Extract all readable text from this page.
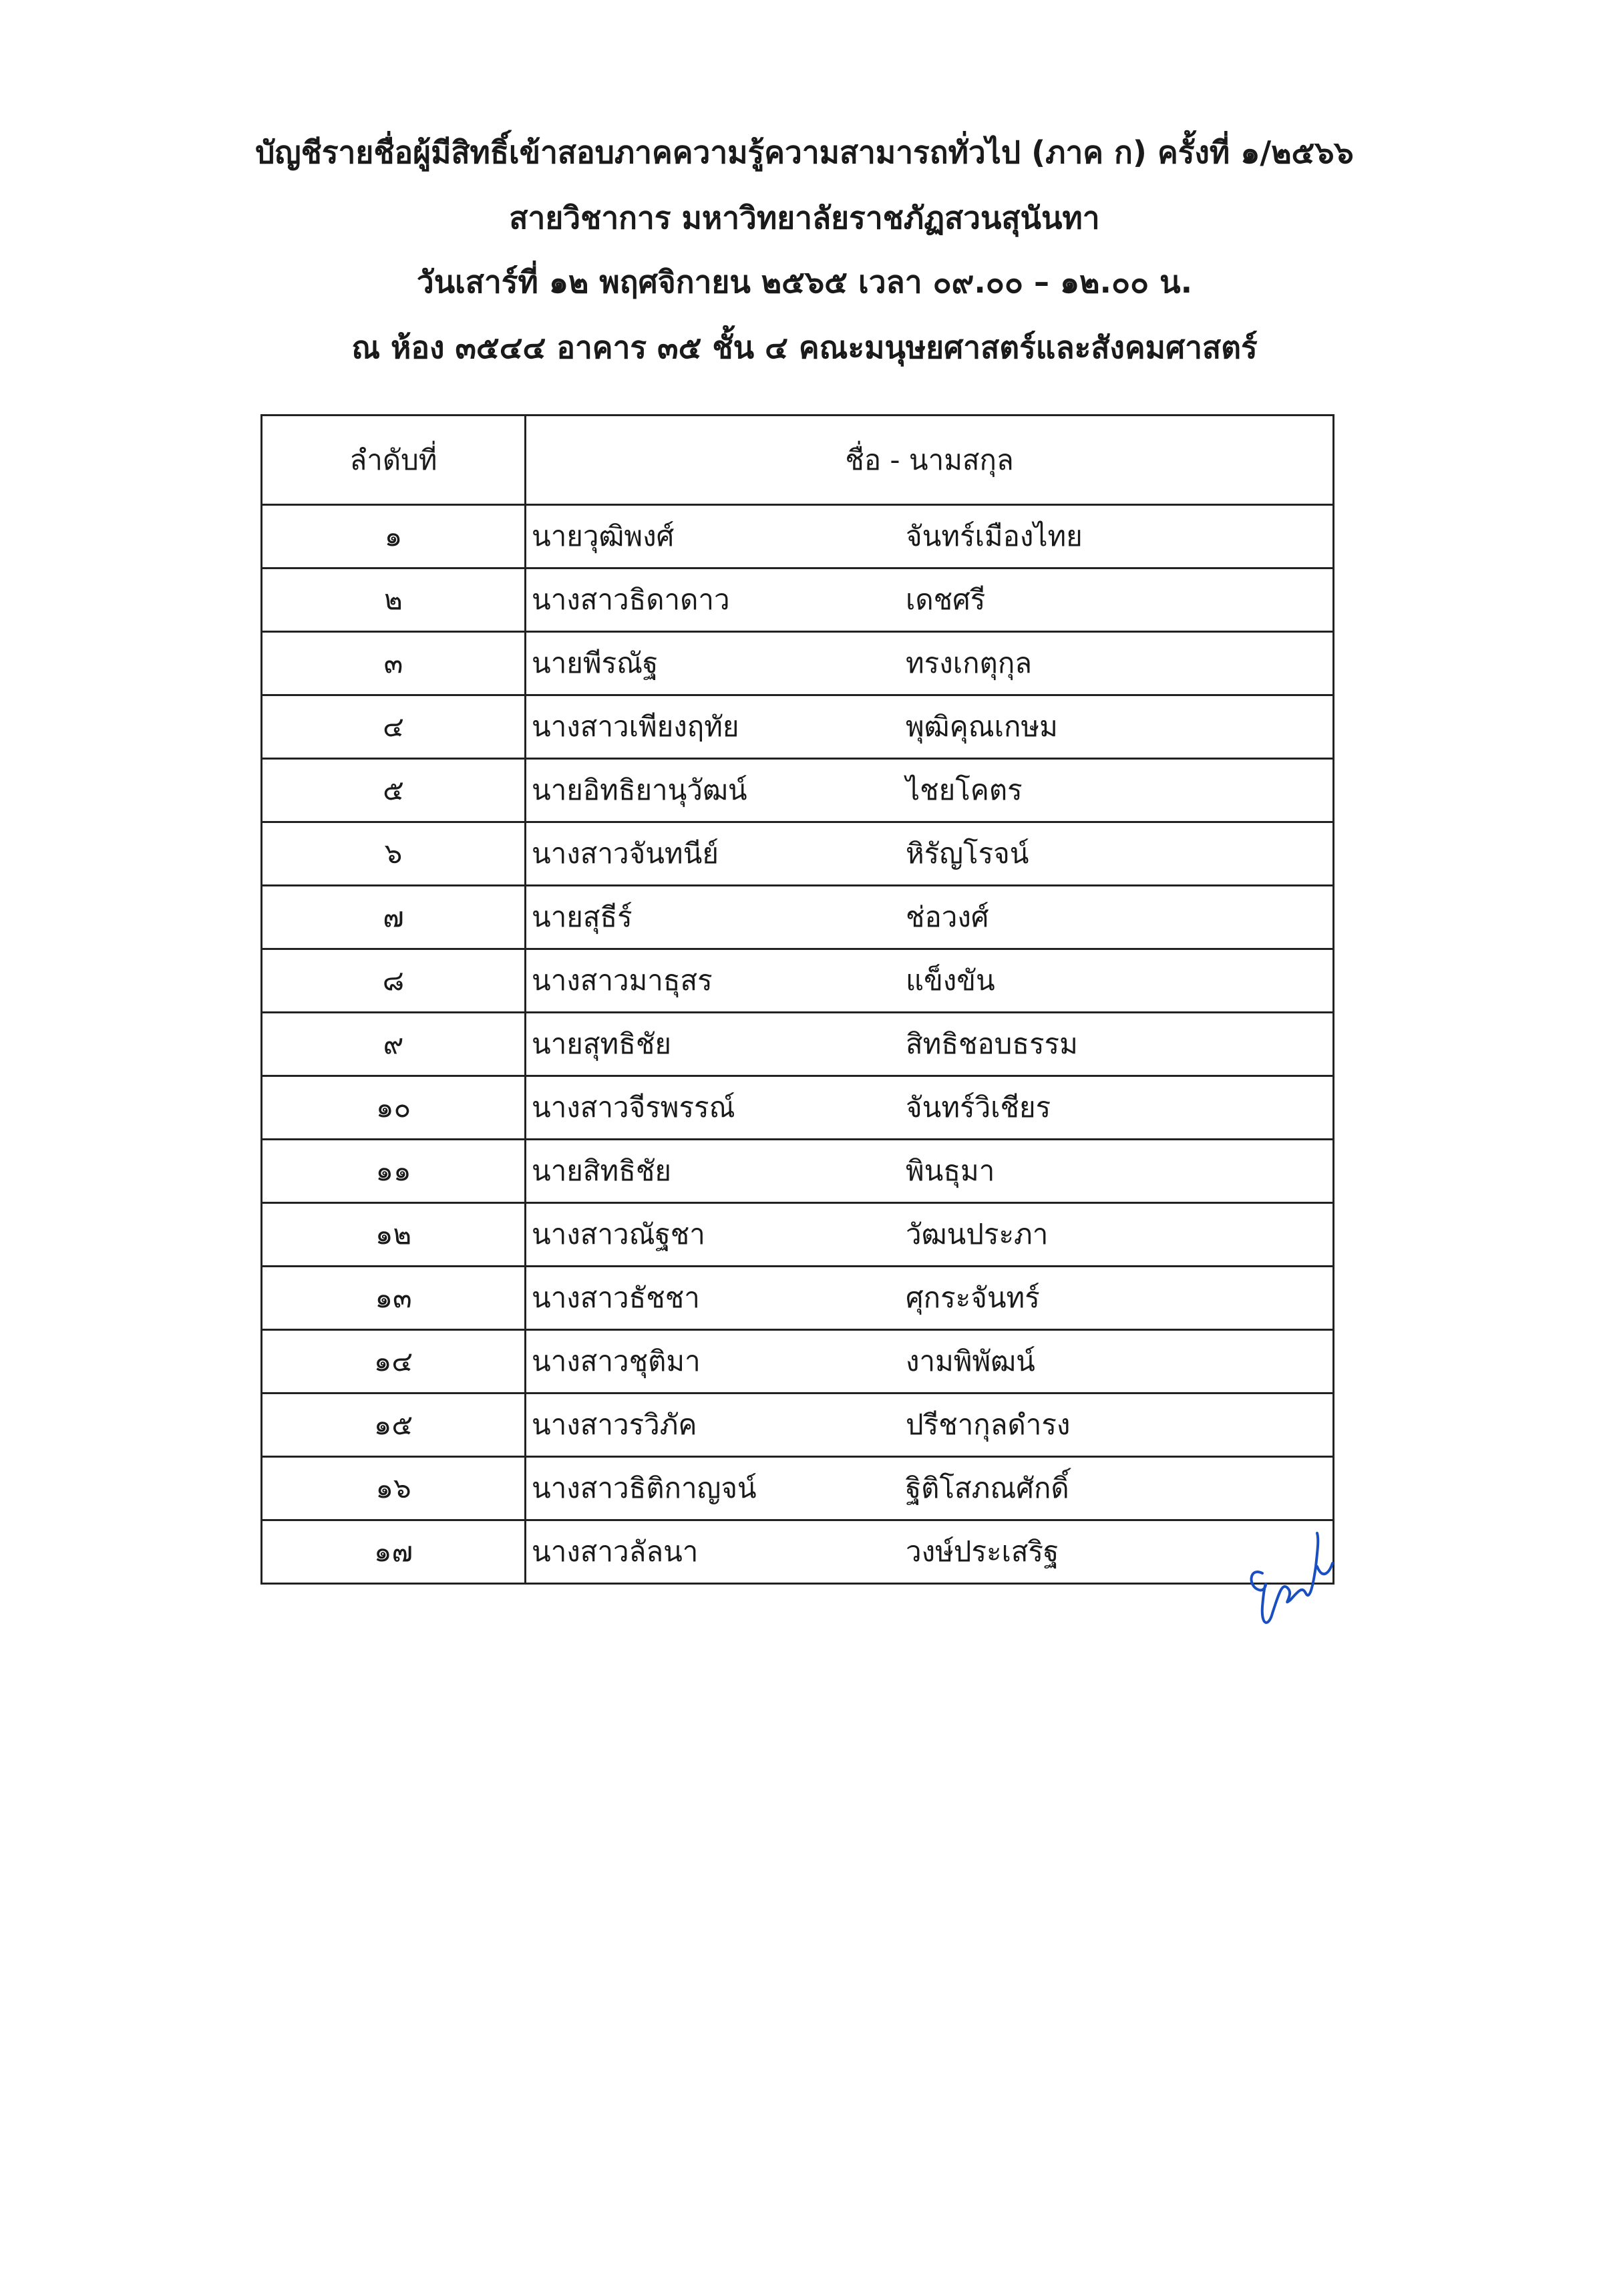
บัญชีรายชื่อผู้มีสิทธิ์เข้าสอบภาคความรู้ความสามารถทั่วไป (ภาค ก) ครั้งที่ ๑/๒๕๖๖
สายวิชาการ มหาวิทยาลัยราชภัฏสวนสุนันทา
วันเสาร์ที่ ๑๒ พฤศจิกายน ๒๕๖๕ เวลา ๐๙.๐๐ – ๑๒.๐๐ น.
ณ ห้อง ๓๕๔๔ อาคาร ๓๕ ชั้น ๔ คณะมนุษยศาสตร์และสังคมศาสตร์
ลำดับที่	ชื่อ - นามสกุล	
๑	นายวุฒิพงศ์	จันทร์เมืองไทย
๒	นางสาวธิดาดาว	เดชศรี
๓	นายพีรณัฐ	ทรงเกตุกุล
๔	นางสาวเพียงฤทัย	พุฒิคุณเกษม
๕	นายอิทธิยานุวัฒน์	ไชยโคตร
๖	นางสาวจันทนีย์	หิรัญโรจน์
๗	นายสุธีร์	ช่อวงศ์
๘	นางสาวมาธุสร	แข็งขัน
๙	นายสุทธิชัย	สิทธิชอบธรรม
๑๐	นางสาวจีรพรรณ์	จันทร์วิเชียร
๑๑	นายสิทธิชัย	พินธุมา
๑๒	นางสาวณัฐชา	วัฒนประภา
๑๓	นางสาวธัชชา	ศุกระจันทร์
๑๔	นางสาวชุติมา	งามพิพัฒน์
๑๕	นางสาวรวิภัค	ปรีชากุลดำรง
๑๖	นางสาวธิติกาญจน์	ฐิติโสภณศักดิ์
๑๗	นางสาวลัลนา	วงษ์ประเสริฐ
